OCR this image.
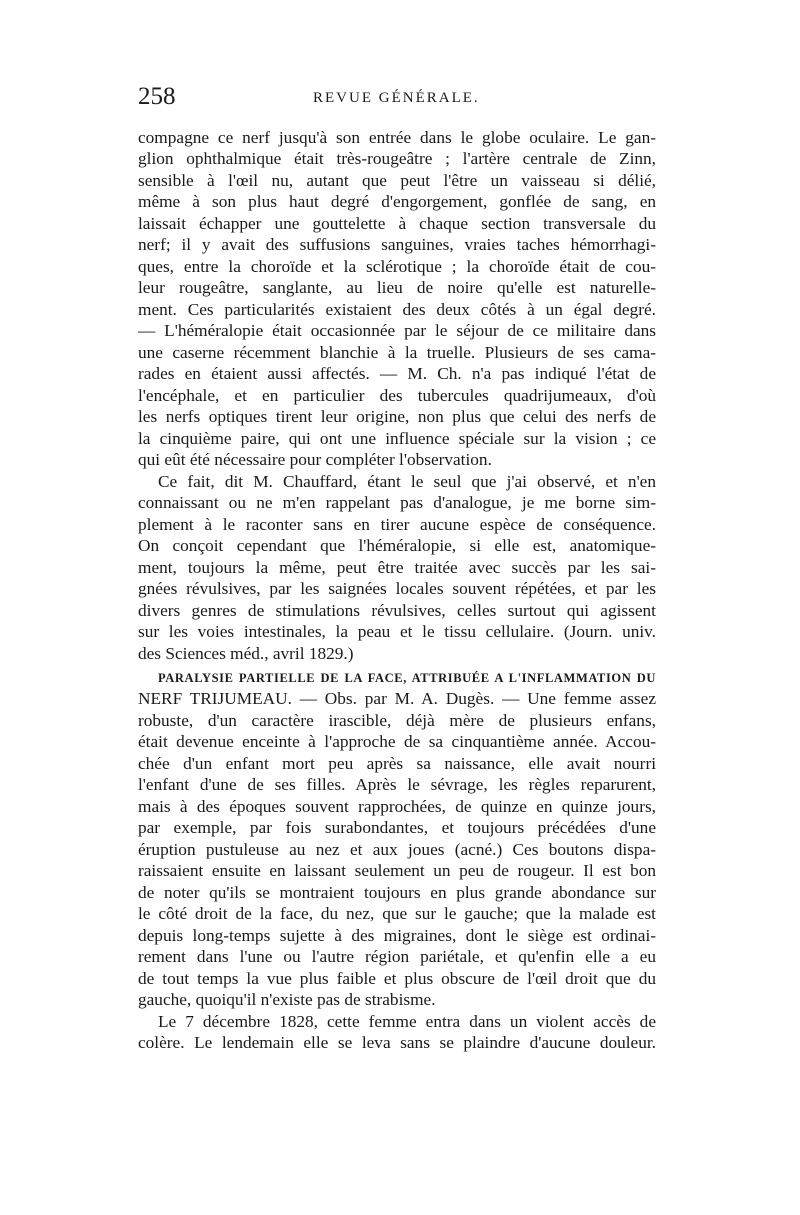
258	REVUE GÉNÉRALE.
compagne ce nerf jusqu'à son entrée dans le globe oculaire. Le gan-
glion ophthalmique était très-rougeâtre ; l'artère centrale de Zinn,
sensible à l'œil nu, autant que peut l'être un vaisseau si délié,
même à son plus haut degré d'engorgement, gonflée de sang, en
laissait échapper une gouttelette à chaque section transversale du
nerf; il y avait des suffusions sanguines, vraies taches hémorrhagi-
ques, entre la choroïde et la sclérotique ; la choroïde était de cou-
leur rougeâtre, sanglante, au lieu de noire qu'elle est naturelle-
ment. Ces particularités existaient des deux côtés à un égal degré.
— L'héméralopie était occasionnée par le séjour de ce militaire dans
une caserne récemment blanchie à la truelle. Plusieurs de ses cama-
rades en étaient aussi affectés. — M. Ch. n'a pas indiqué l'état de
l'encéphale, et en particulier des tubercules quadrijumeaux, d'où
les nerfs optiques tirent leur origine, non plus que celui des nerfs de
la cinquième paire, qui ont une influence spéciale sur la vision ; ce
qui eût été nécessaire pour compléter l'observation.
Ce fait, dit M. Chauffard, étant le seul que j'ai observé, et n'en
connaissant ou ne m'en rappelant pas d'analogue, je me borne sim-
plement à le raconter sans en tirer aucune espèce de conséquence.
On conçoit cependant que l'héméralopie, si elle est, anatomique-
ment, toujours la même, peut être traitée avec succès par les sai-
gnées révulsives, par les saignées locales souvent répétées, et par les
divers genres de stimulations révulsives, celles surtout qui agissent
sur les voies intestinales, la peau et le tissu cellulaire. (Journ. univ.
des Sciences méd., avril 1829.)
PARALYSIE PARTIELLE DE LA FACE, ATTRIBUÉE A L'INFLAMMATION DU
NERF TRIJUMEAU. — Obs. par M. A. Dugès. — Une femme assez
robuste, d'un caractère irascible, déjà mère de plusieurs enfans,
était devenue enceinte à l'approche de sa cinquantième année. Accou-
chée d'un enfant mort peu après sa naissance, elle avait nourri
l'enfant d'une de ses filles. Après le sévrage, les règles reparurent,
mais à des époques souvent rapprochées, de quinze en quinze jours,
par exemple, par fois surabondantes, et toujours précédées d'une
éruption pustuleuse au nez et aux joues (acné.) Ces boutons dispa-
raissaient ensuite en laissant seulement un peu de rougeur. Il est bon
de noter qu'ils se montraient toujours en plus grande abondance sur
le côté droit de la face, du nez, que sur le gauche; que la malade est
depuis long-temps sujette à des migraines, dont le siège est ordinai-
rement dans l'une ou l'autre région pariétale, et qu'enfin elle a eu
de tout temps la vue plus faible et plus obscure de l'œil droit que du
gauche, quoiqu'il n'existe pas de strabisme.
Le 7 décembre 1828, cette femme entra dans un violent accès de
colère. Le lendemain elle se leva sans se plaindre d'aucune douleur.
